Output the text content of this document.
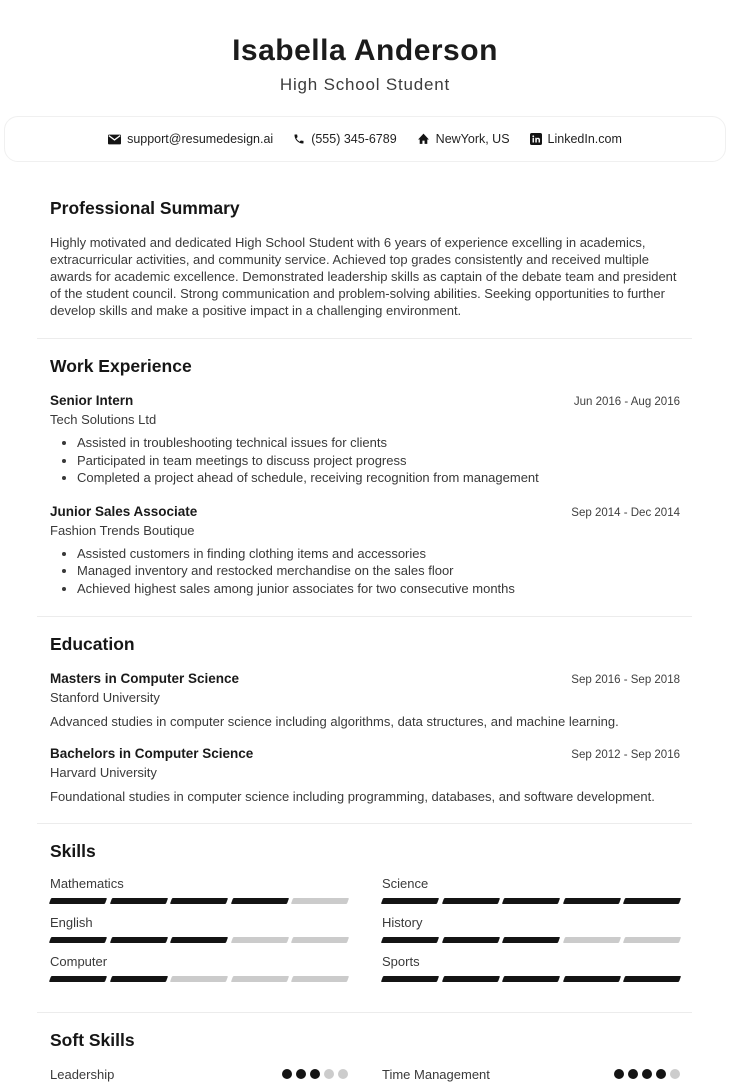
Isabella Anderson
High School Student
support@resumedesign.ai	(555) 345-6789	NewYork, US	LinkedIn.com
Professional Summary

Highly motivated and dedicated High School Student with 6 years of experience excelling in academics, extracurricular activities, and community service. Achieved top grades consistently and received multiple awards for academic excellence. Demonstrated leadership skills as captain of the debate team and president of the student council. Strong communication and problem-solving abilities. Seeking opportunities to further develop skills and make a positive impact in a challenging environment.

Work Experience
Senior Intern	Jun 2016 - Aug 2016
Tech Solutions Ltd
• Assisted in troubleshooting technical issues for clients
• Participated in team meetings to discuss project progress
• Completed a project ahead of schedule, receiving recognition from management
Junior Sales Associate	Sep 2014 - Dec 2014
Fashion Trends Boutique
• Assisted customers in finding clothing items and accessories
• Managed inventory and restocked merchandise on the sales floor
• Achieved highest sales among junior associates for two consecutive months
Education
Masters in Computer Science	Sep 2016 - Sep 2018
Stanford University
Advanced studies in computer science including algorithms, data structures, and machine learning.
Bachelors in Computer Science	Sep 2012 - Sep 2016
Harvard University
Foundational studies in computer science including programming, databases, and software development.
Skills
Mathematics	Science
English	History
Computer	Sports
Soft Skills
Leadership	Time Management
